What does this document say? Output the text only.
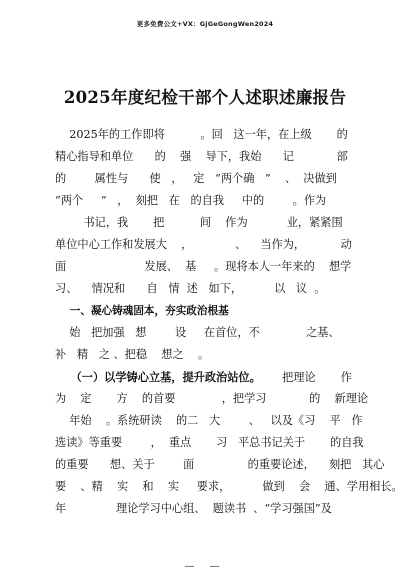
更多免费公文+VX：GjGeGongWen2024
2025年度纪检干部个人述职述廉报告
2025年的工作即将          。回   这一年，在上级       的
精心指导和单位      的    强    导下，我始      记            部
的        属性与      使   ，   定   “两个确   ”    、  决做到
“两个     ”   ，  刻把   在   的自我     中的        。作为
书记，我       把          间    作为           业，紧紧围
单位中心工作和发展大    ，            、    当作为，          动
面                      发展、  基     。现将本人一年来的    想学
习、    情况和      自   情  述   如下，         以   议  。
一、凝心铸魂固本，夯实政治根基
始   把加强   想        设     在首位，不             之基、
补   精   之 、把稳    想之    。
（一）以学铸心立基，提升政治站位。      把理论       作
为    定       方    的首要             ，把学习            的    新理论
年始    。系统研读    的二   大        、   以及《习    平   作
选读》等重要        ，  重点       习   平总书记关于       的自我
的重要      想、关于        面               的重要论述，    刻把   其心
要    、精    实    和    实     要求，         做到    会    通、学用相长。
年              理论学习中心组、  题读书  、“学习强国”及
— —
